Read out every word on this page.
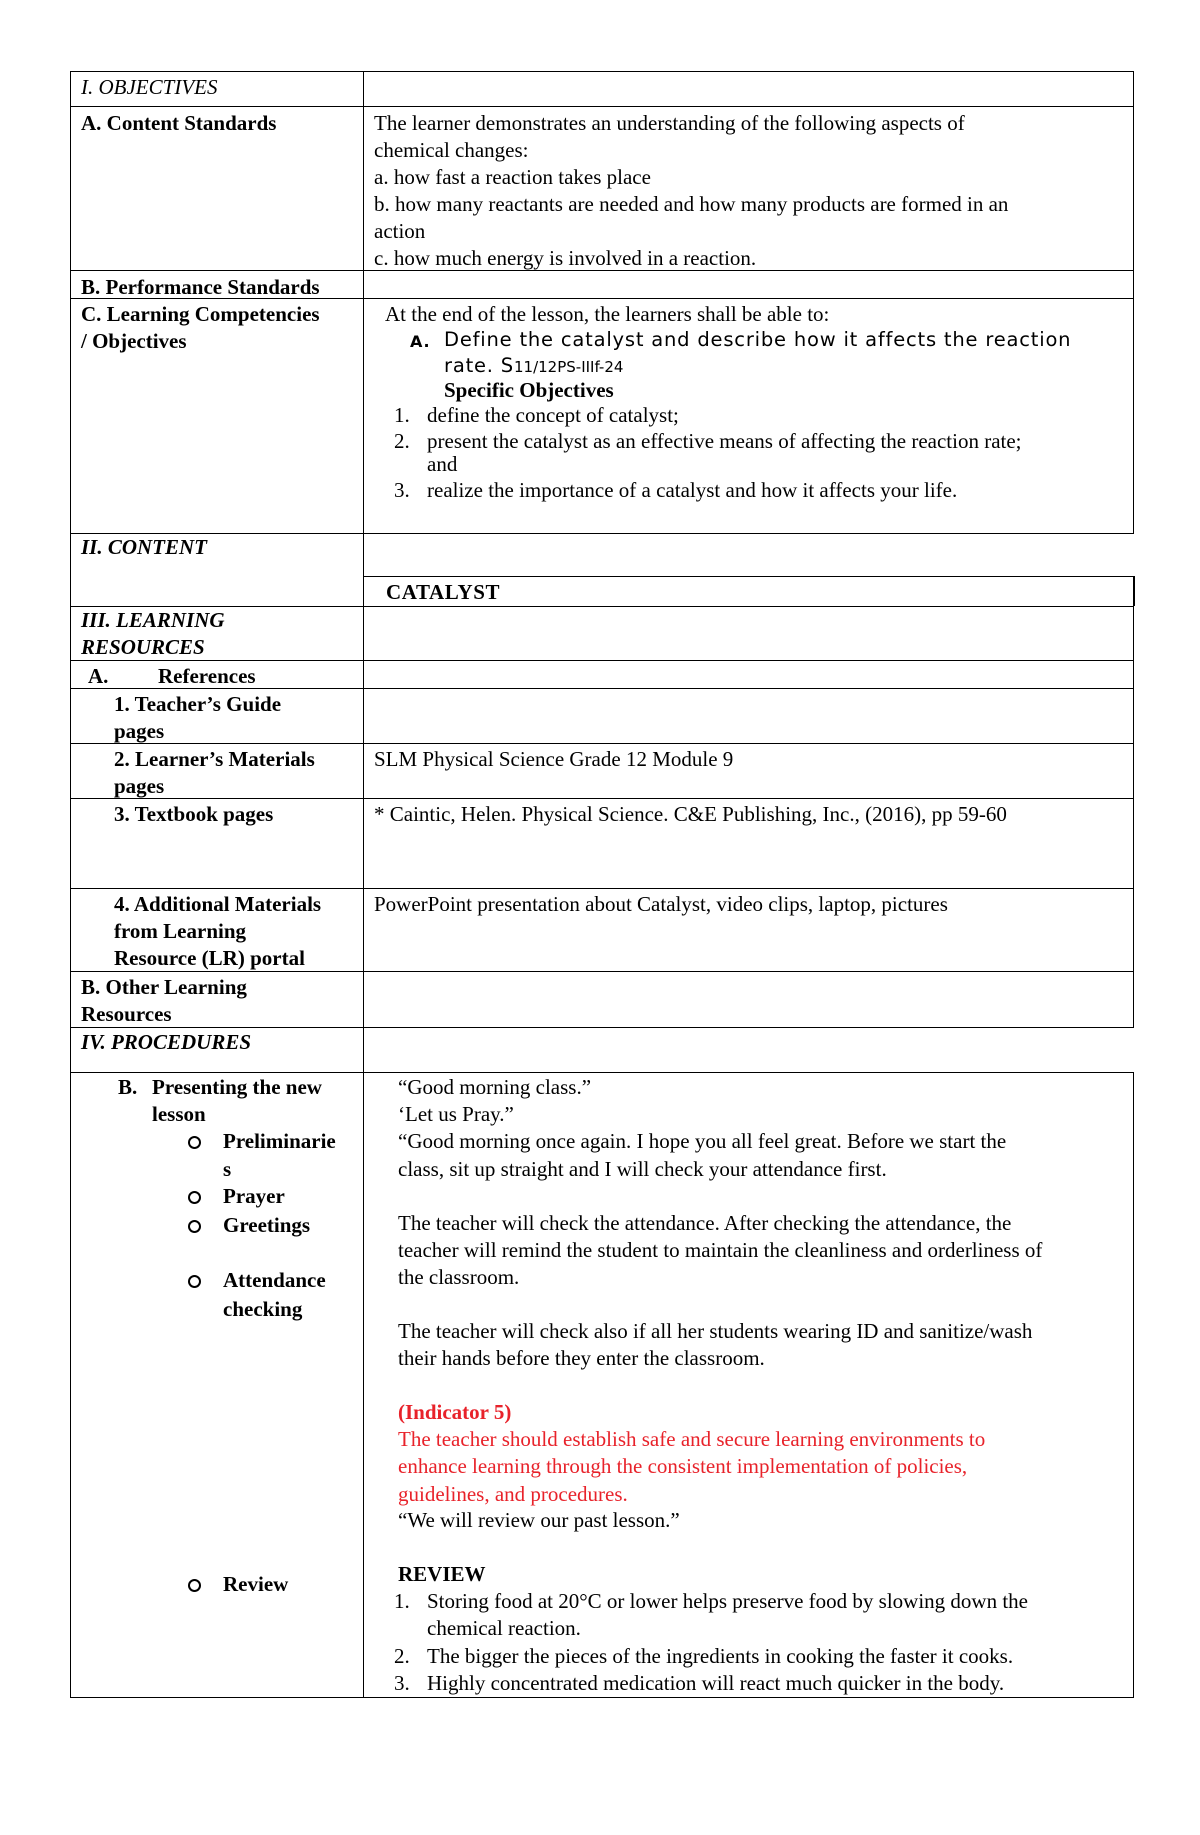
I. OBJECTIVES
A. Content Standards
B. Performance Standards
C. Learning Competencies
/ Objectives
II. CONTENT
III. LEARNING
RESOURCES
A. References
1. Teacher’s Guide
pages
2. Learner’s Materials
pages
3. Textbook pages
4. Additional Materials
from Learning
Resource (LR) portal
B. Other Learning
Resources
IV. PROCEDURES
B. Presenting the new
lesson
Preliminarie
s
Prayer
Greetings
Attendance
checking
Review
The learner demonstrates an understanding of the following aspects of
chemical changes:
a. how fast a reaction takes place
b. how many reactants are needed and how many products are formed in an
action
c. how much energy is involved in a reaction.
At the end of the lesson, the learners shall be able to:
A. Define the catalyst and describe how it affects the reaction
rate. S11/12PS-IIIf-24
Specific Objectives
1. define the concept of catalyst;
2. present the catalyst as an effective means of affecting the reaction rate;
and
3. realize the importance of a catalyst and how it affects your life.
CATALYST
SLM Physical Science Grade 12 Module 9
* Caintic, Helen. Physical Science. C&E Publishing, Inc., (2016), pp 59-60
PowerPoint presentation about Catalyst, video clips, laptop, pictures
“Good morning class.”
‘Let us Pray.”
“Good morning once again. I hope you all feel great. Before we start the
class, sit up straight and I will check your attendance first.
The teacher will check the attendance. After checking the attendance, the
teacher will remind the student to maintain the cleanliness and orderliness of
the classroom.
The teacher will check also if all her students wearing ID and sanitize/wash
their hands before they enter the classroom.
(Indicator 5)
The teacher should establish safe and secure learning environments to
enhance learning through the consistent implementation of policies,
guidelines, and procedures.
“We will review our past lesson.”
REVIEW
1. Storing food at 20°C or lower helps preserve food by slowing down the
chemical reaction.
2. The bigger the pieces of the ingredients in cooking the faster it cooks.
3. Highly concentrated medication will react much quicker in the body.
